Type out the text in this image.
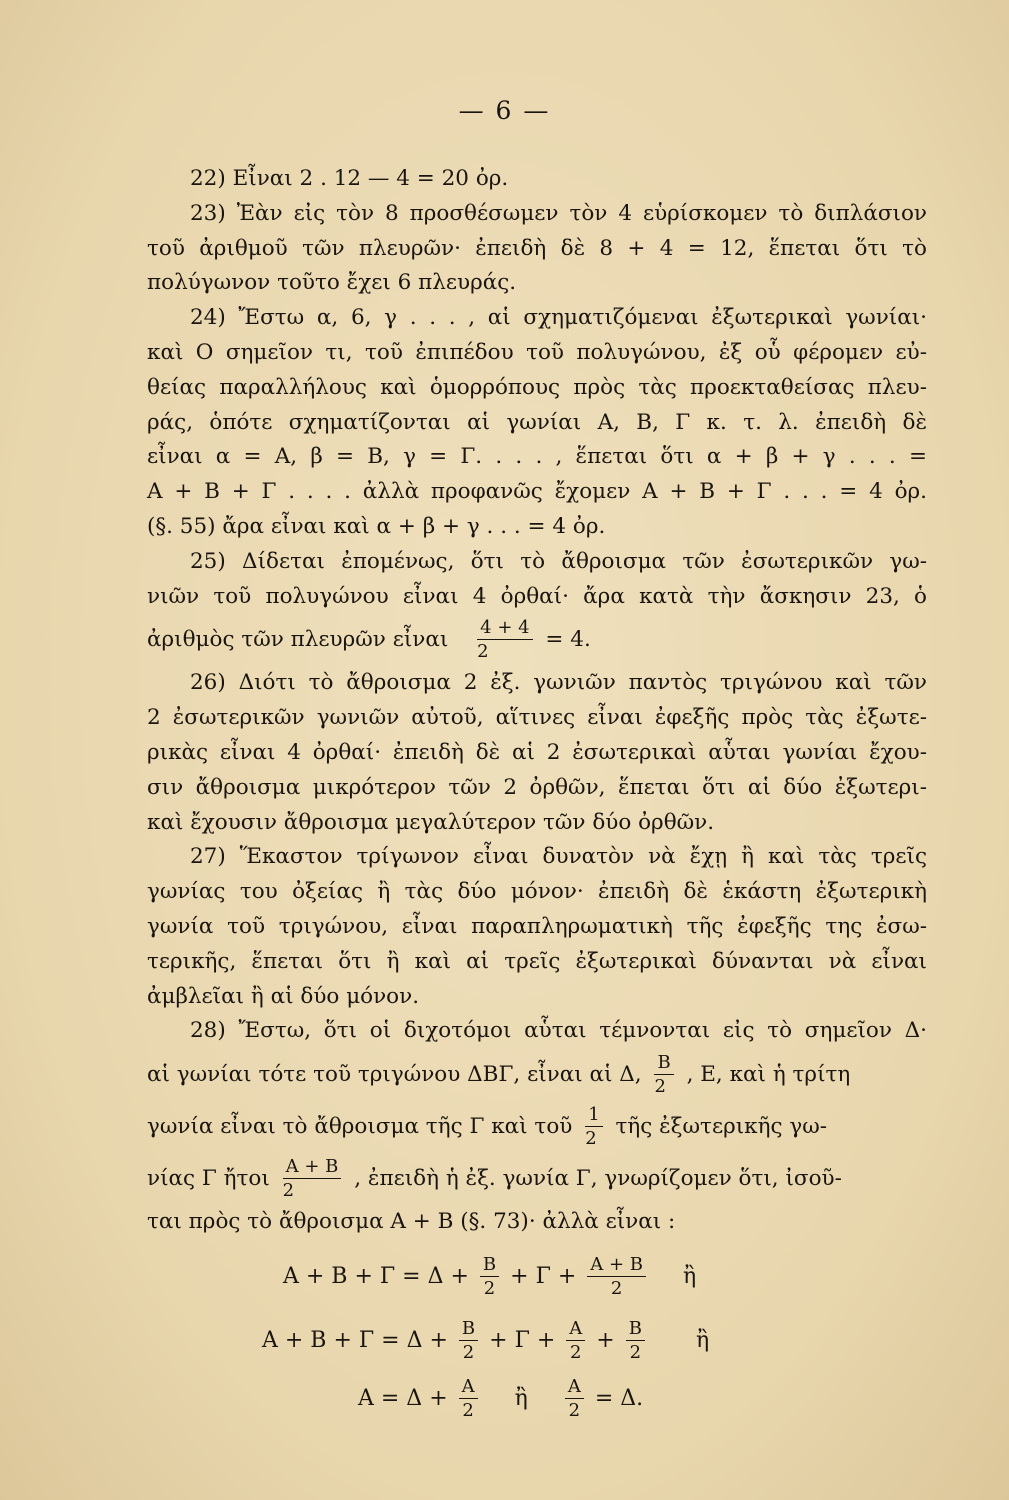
— 6 —
22) Εἶναι 2 . 12 — 4 = 20 ὀρ.
23) Ἐὰν εἰς τὸν 8 προσθέσωμεν τὸν 4 εὑρίσκομεν τὸ διπλάσιον
τοῦ ἀριθμοῦ τῶν πλευρῶν· ἐπειδὴ δὲ 8 + 4 = 12, ἕπεται ὅτι τὸ
πολύγωνον τοῦτο ἔχει 6 πλευράς.
24) Ἔστω α, 6, γ . . . , αἱ σχηματιζόμεναι ἐξωτερικαὶ γωνίαι·
καὶ Ο σημεῖον τι, τοῦ ἐπιπέδου τοῦ πολυγώνου, ἐξ οὗ φέρομεν εὐ-
θείας παραλλήλους καὶ ὁμορρόπους πρὸς τὰς προεκταθείσας πλευ-
ράς, ὁπότε σχηματίζονται αἱ γωνίαι Α, Β, Γ κ. τ. λ. ἐπειδὴ δὲ
εἶναι α = Α, β = Β, γ = Γ. . . . , ἕπεται ὅτι α + β + γ . . . =
Α + Β + Γ . . . . ἀλλὰ προφανῶς ἔχομεν Α + Β + Γ . . . = 4 ὀρ.
(§. 55) ἄρα εἶναι καὶ α + β + γ . . . = 4 ὀρ.
25) Δίδεται ἐπομένως, ὅτι τὸ ἄθροισμα τῶν ἐσωτερικῶν γω-
νιῶν τοῦ πολυγώνου εἶναι 4 ὀρθαί· ἄρα κατὰ τὴν ἄσκησιν 23, ὁ
ἀριθμὸς τῶν πλευρῶν εἶναι $\frac{4 + 4}{2} = 4$.
26) Διότι τὸ ἄθροισμα 2 ἐξ. γωνιῶν παντὸς τριγώνου καὶ τῶν
2 ἐσωτερικῶν γωνιῶν αὐτοῦ, αἵτινες εἶναι ἐφεξῆς πρὸς τὰς ἐξωτε-
ρικὰς εἶναι 4 ὀρθαί· ἐπειδὴ δὲ αἱ 2 ἐσωτερικαὶ αὗται γωνίαι ἔχου-
σιν ἄθροισμα μικρότερον τῶν 2 ὀρθῶν, ἕπεται ὅτι αἱ δύο ἐξωτερι-
καὶ ἔχουσιν ἄθροισμα μεγαλύτερον τῶν δύο ὀρθῶν.
27) Ἕκαστον τρίγωνον εἶναι δυνατὸν νὰ ἔχῃ ἢ καὶ τὰς τρεῖς
γωνίας του ὀξείας ἢ τὰς δύο μόνον· ἐπειδὴ δὲ ἑκάστη ἐξωτερικὴ
γωνία τοῦ τριγώνου, εἶναι παραπληρωματικὴ τῆς ἐφεξῆς της ἐσω-
τερικῆς, ἕπεται ὅτι ἢ καὶ αἱ τρεῖς ἐξωτερικαὶ δύνανται νὰ εἶναι
ἀμβλεῖαι ἢ αἱ δύο μόνον.
28) Ἔστω, ὅτι οἱ διχοτόμοι αὗται τέμνονται εἰς τὸ σημεῖον Δ·
αἱ γωνίαι τότε τοῦ τριγώνου ΔΒΓ, εἶναι αἱ Δ, $\frac{B}{2}$ , Ε, καὶ ἡ τρίτη
γωνία εἶναι τὸ ἄθροισμα τῆς Γ καὶ τοῦ $\frac{1}{2}$ τῆς ἐξωτερικῆς γω-
νίας Γ ἤτοι $\frac{A + B}{2}$ , ἐπειδὴ ἡ ἐξ. γωνία Γ, γνωρίζομεν ὅτι, ἰσοῦ-
ται πρὸς τὸ ἄθροισμα Α + Β (§. 73)· ἀλλὰ εἶναι :
$A + B + \Gamma = \Delta + \frac{B}{2} + \Gamma + \frac{A + B}{2}$ ἢ
$A + B + \Gamma = \Delta + \frac{B}{2} + \Gamma + \frac{A}{2} + \frac{B}{2}$ ἢ
$A = \Delta + \frac{A}{2}$ ἢ $\frac{A}{2} = \Delta$.
